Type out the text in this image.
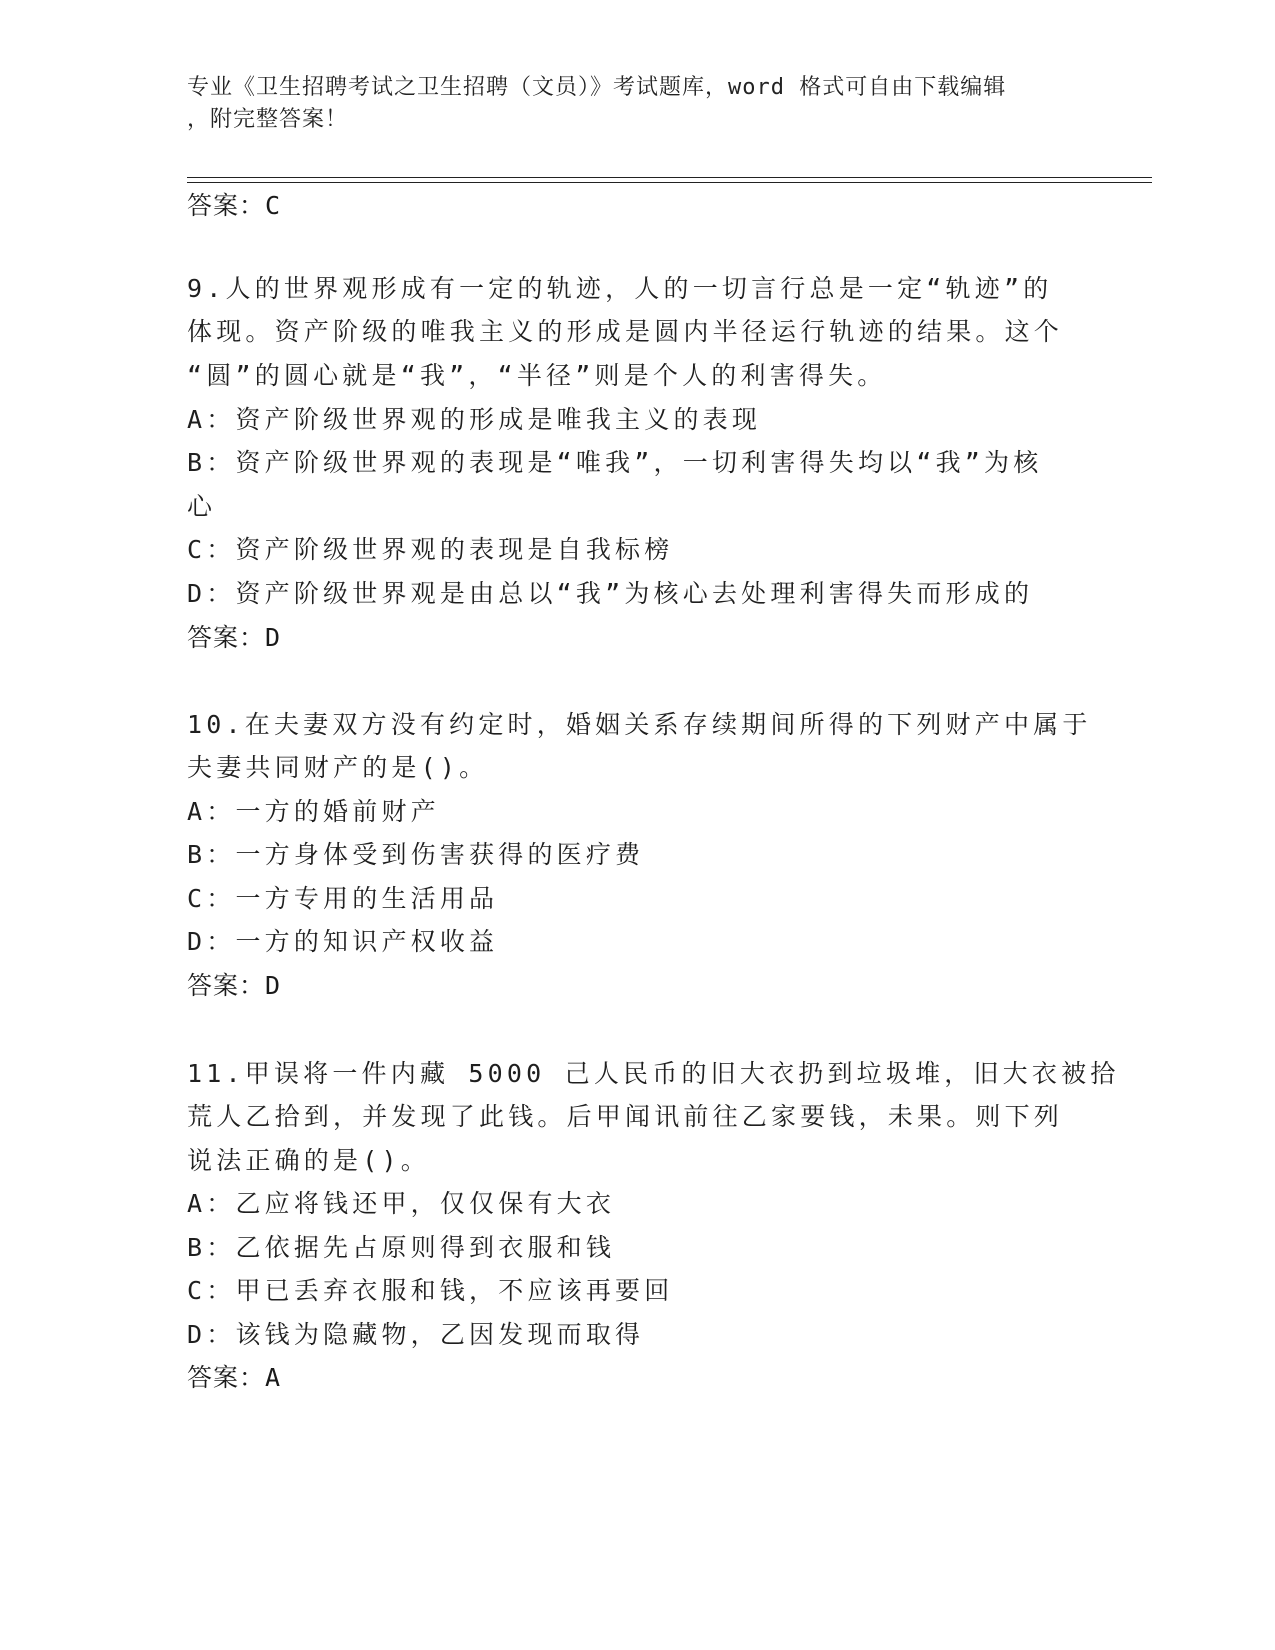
专业《卫生招聘考试之卫生招聘（文员）》考试题库，word 格式可自由下载编辑
，附完整答案！
答案：C
9.人的世界观形成有一定的轨迹，人的一切言行总是一定“轨迹”的
体现。资产阶级的唯我主义的形成是圆内半径运行轨迹的结果。这个
“圆”的圆心就是“我”，“半径”则是个人的利害得失。
A：资产阶级世界观的形成是唯我主义的表现
B：资产阶级世界观的表现是“唯我”，一切利害得失均以“我”为核
心
C：资产阶级世界观的表现是自我标榜
D：资产阶级世界观是由总以“我”为核心去处理利害得失而形成的
答案：D
10.在夫妻双方没有约定时，婚姻关系存续期间所得的下列财产中属于
夫妻共同财产的是()。
A：一方的婚前财产
B：一方身体受到伤害获得的医疗费
C：一方专用的生活用品
D：一方的知识产权收益
答案：D
11.甲误将一件内藏 5000 己人民币的旧大衣扔到垃圾堆，旧大衣被拾
荒人乙拾到，并发现了此钱。后甲闻讯前往乙家要钱，未果。则下列
说法正确的是()。
A：乙应将钱还甲，仅仅保有大衣
B：乙依据先占原则得到衣服和钱
C：甲已丢弃衣服和钱，不应该再要回
D：该钱为隐藏物，乙因发现而取得
答案：A
